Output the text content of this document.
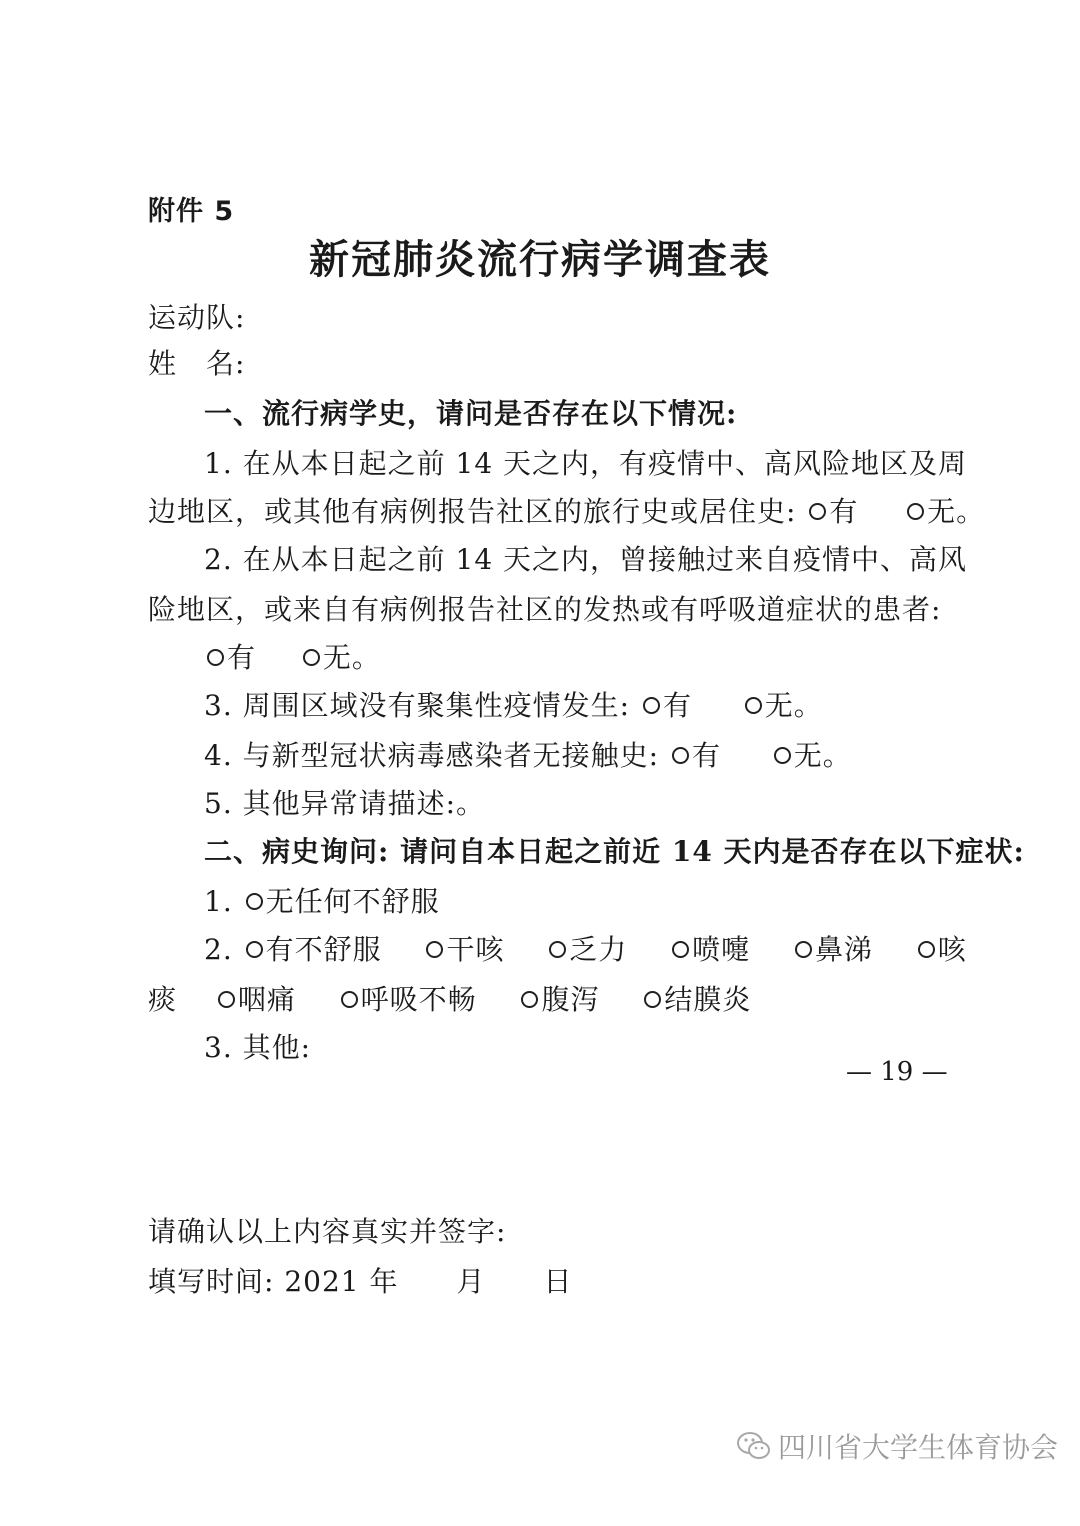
附件 5
新冠肺炎流行病学调查表
运动队:
姓　名:
一、流行病学史，请问是否存在以下情况:
1. 在从本日起之前 14 天之内，有疫情中、高风险地区及周
边地区，或其他有病例报告社区的旅行史或居住史: 有 无。
2. 在从本日起之前 14 天之内，曾接触过来自疫情中、高风
险地区，或来自有病例报告社区的发热或有呼吸道症状的患者:
有 无。
3. 周围区域没有聚集性疫情发生: 有	无。
4. 与新型冠状病毒感染者无接触史: 有	无。
5. 其他异常请描述:。
二、病史询问: 请问自本日起之前近 14 天内是否存在以下症状:
1. 无任何不舒服
2. 有不舒服 干咳 乏力 喷嚏 鼻涕 咳
痰 咽痛 呼吸不畅 腹泻 结膜炎
3. 其他:
请确认以上内容真实并签字:
填写时间: 2021 年　　月　　日
— 19 —
四川省大学生体育协会
